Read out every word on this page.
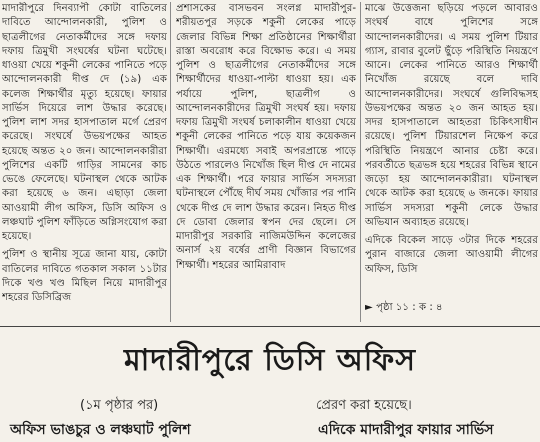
মাদারীপুরে দিনব্যাপী কোটা বাতিলের দাবিতে আন্দোলনকারী, পুলিশ ও ছাত্রলীগের নেতাকর্মীদের সঙ্গে দফায় দফায় ত্রিমুখী সংঘর্ষের ঘটনা ঘটেছে। ধাওয়া খেয়ে শকুনী লেকের পানিতে পড়ে আন্দোলনকারী দীপ্ত দে (১৯) এক কলেজ শিক্ষার্থীর মৃত্যু হয়েছে। ফায়ার সার্ভিস দিয়েরে লাশ উদ্ধার করেছে। পুলিশ লাশ সদর হাসপাতাল মর্গে প্রেরণ করেছে। সংঘর্ষে উভয়পক্ষের আহত হয়েছে অন্তত ২০ জন। আন্দোলনকারীরা পুলিশের একটি গাড়ির সামনের কাচ ভেঙে ফেলেছে। ঘটনাস্থল থেকে আটক করা হয়েছে ৬ জন। এছাড়া জেলা আওয়ামী লীগ অফিস, ডিসি অফিস ও লঞ্চঘাট পুলিশ ফাঁড়িতে অগ্নিসংযোগ করা হয়েছে।

পুলিশ ও স্থানীয় সূত্রে জানা যায়, কোটা বাতিলের দাবিতে গতকাল সকাল ১১টার দিকে খণ্ড খণ্ড মিছিল নিয়ে মাদারীপুর শহরের ডিসিব্রিজ

প্রশাসকের বাসভবন সংলগ্ন মাদারীপুর-শরীয়তপুর সড়কে শকুনী লেকের পাড়ে জেলার বিভিন্ন শিক্ষা প্রতিষ্ঠানের শিক্ষার্থীরা রাস্তা অবরোধ করে বিক্ষোভ করে। এ সময় পুলিশ ও ছাত্রলীগের নেতাকর্মীদের সঙ্গে শিক্ষার্থীদের ধাওয়া-পাল্টা ধাওয়া হয়। এক পর্যায়ে পুলিশ, ছাত্রলীগ ও আন্দোলনকারীদের ত্রিমুখী সংঘর্ষ হয়। দফায় দফায় ত্রিমুখী সংঘর্ষ চলাকালীন ধাওয়া খেয়ে শকুনী লেকের পানিতে পড়ে যায় কয়েকজন শিক্ষার্থী। এরমধ্যে সবাই অপরপ্রান্তে পাড়ে উঠতে পারলেও নিখোঁজ ছিল দীপ্ত দে নামের এক শিক্ষার্থী। পরে ফায়ার সার্ভিস সদস্যরা ঘটনাস্থলে পৌঁছে দীর্ঘ সময় খোঁজার পর পানি থেকে দীপ্ত দে লাশ উদ্ধার করেন। নিহত দীপ্ত দে ডোবা জেলার স্বপন দের ছেলে। সে মাদারীপুর সরকারি নাজিমউদ্দিন কলেজের অনার্স ২য় বর্ষের প্রাণী বিজ্ঞান বিভাগের শিক্ষার্থী। শহরের আমিরাবাদ

মাঝে উত্তেজনা ছড়িয়ে পড়লে আবারও সংঘর্ষ বাধে পুলিশের সঙ্গে আন্দোলনকারীদের। এ সময় পুলিশ টিয়ার গ্যাস, রাবার বুলেট ছুঁড়ে পরিস্থিতি নিয়ন্ত্রণে আনে। লেকের পানিতে আরও শিক্ষার্থী নিখোঁজ রয়েছে বলে দাবি আন্দোলনকারীদের। সংঘর্ষে গুলিবিদ্ধসহ উভয়পক্ষের অন্তত ২০ জন আহত হয়। সদর হাসপাতালে আহতরা চিকিৎসাধীন রয়েছে। পুলিশ টিয়ারশেল নিক্ষেপ করে পরিস্থিতি নিয়ন্ত্রণে আনার চেষ্টা করে। পরবর্তীতে ছত্রভঙ্গ হয়ে শহরের বিভিন্ন স্থানে জড়ো হয় আন্দোলনকারীরা। ঘটনাস্থল থেকে আটক করা হয়েছে ৬ জনকে। ফায়ার সার্ভিস সদস্যরা শকুনী লেকে উদ্ধার অভিযান অব্যাহত রয়েছে।

এদিকে বিকেল সাড়ে ৩টার দিকে শহরের পুরান বাজারে জেলা আওয়ামী লীগের অফিস, ডিসি

► পৃষ্ঠা ১১ : ক : ৪
মাদারীপুরে ডিসি অফিস
(১ম পৃষ্ঠার পর)	প্রেরণ করা হয়েছে।
অফিস ভাঙচুর ও লঞ্চঘাট পুলিশ	এদিকে মাদারীপুর ফায়ার সার্ভিস
